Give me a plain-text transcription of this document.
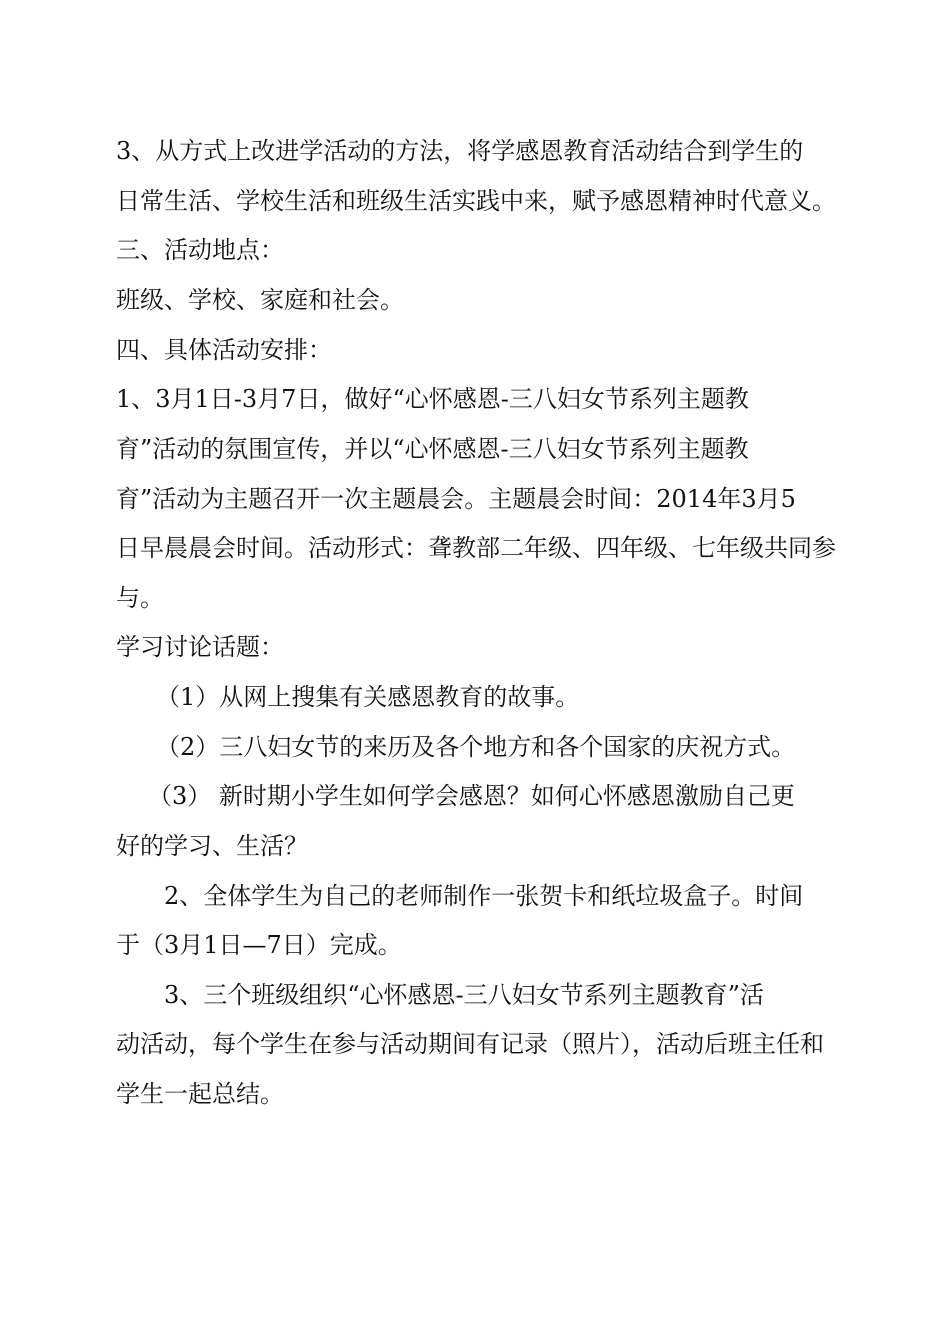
3、从方式上改进学活动的方法，将学感恩教育活动结合到学生的
日常生活、学校生活和班级生活实践中来，赋予感恩精神时代意义。
三、活动地点：
班级、学校、家庭和社会。
四、具体活动安排：
1、3月1日-3月7日，做好“心怀感恩-三八妇女节系列主题教
育”活动的氛围宣传，并以“心怀感恩-三八妇女节系列主题教
育”活动为主题召开一次主题晨会。主题晨会时间：2014年3月5
日早晨晨会时间。活动形式：聋教部二年级、四年级、七年级共同参
与。
学习讨论话题：
（1）从网上搜集有关感恩教育的故事。
（2）三八妇女节的来历及各个地方和各个国家的庆祝方式。
（3） 新时期小学生如何学会感恩？如何心怀感恩激励自己更
好的学习、生活？
2、全体学生为自己的老师制作一张贺卡和纸垃圾盒子。时间
于（3月1日—7日）完成。
3、三个班级组织“心怀感恩-三八妇女节系列主题教育”活
动活动，每个学生在参与活动期间有记录（照片），活动后班主任和
学生一起总结。
